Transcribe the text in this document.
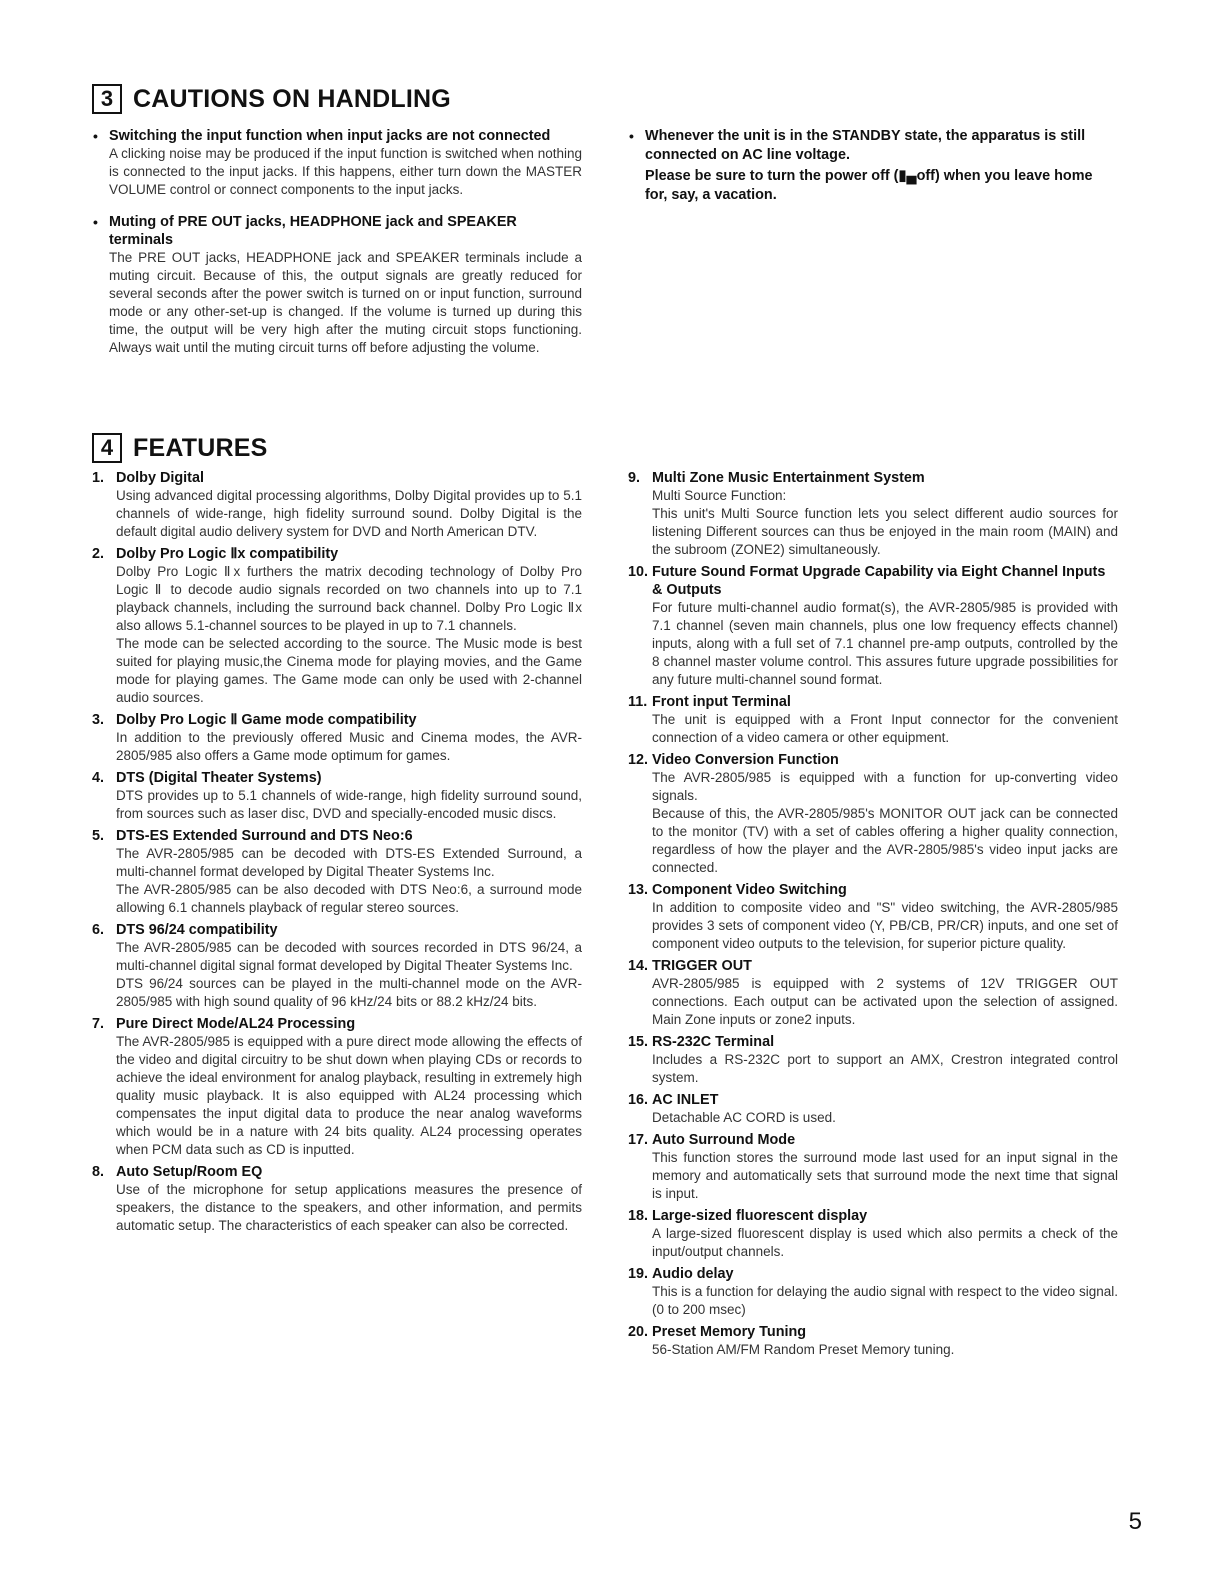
3 CAUTIONS ON HANDLING
• Switching the input function when input jacks are not connected
A clicking noise may be produced if the input function is switched when nothing is connected to the input jacks. If this happens, either turn down the MASTER VOLUME control or connect components to the input jacks.
• Muting of PRE OUT jacks, HEADPHONE jack and SPEAKER terminals
The PRE OUT jacks, HEADPHONE jack and SPEAKER terminals include a muting circuit. Because of this, the output signals are greatly reduced for several seconds after the power switch is turned on or input function, surround mode or any other-set-up is changed. If the volume is turned up during this time, the output will be very high after the muting circuit stops functioning. Always wait until the muting circuit turns off before adjusting the volume.
• Whenever the unit is in the STANDBY state, the apparatus is still connected on AC line voltage.

Please be sure to turn the power off (▮▄off) when you leave home for, say, a vacation.

4 FEATURES
1. Dolby Digital

Using advanced digital processing algorithms, Dolby Digital provides up to 5.1 channels of wide-range, high fidelity surround sound. Dolby Digital is the default digital audio delivery system for DVD and North American DTV.

2. Dolby Pro Logic Ⅱx compatibility

Dolby Pro Logic Ⅱx furthers the matrix decoding technology of Dolby Pro Logic Ⅱ to decode audio signals recorded on two channels into up to 7.1 playback channels, including the surround back channel. Dolby Pro Logic Ⅱx also allows 5.1-channel sources to be played in up to 7.1 channels.

The mode can be selected according to the source. The Music mode is best suited for playing music,the Cinema mode for playing movies, and the Game mode for playing games. The Game mode can only be used with 2-channel audio sources.

3. Dolby Pro Logic Ⅱ Game mode compatibility

In addition to the previously offered Music and Cinema modes, the AVR-2805/985 also offers a Game mode optimum for games.

4. DTS (Digital Theater Systems)

DTS provides up to 5.1 channels of wide-range, high fidelity surround sound, from sources such as laser disc, DVD and specially-encoded music discs.

5. DTS-ES Extended Surround and DTS Neo:6

The AVR-2805/985 can be decoded with DTS-ES Extended Surround, a multi-channel format developed by Digital Theater Systems Inc.

The AVR-2805/985 can be also decoded with DTS Neo:6, a surround mode allowing 6.1 channels playback of regular stereo sources.

6. DTS 96/24 compatibility

The AVR-2805/985 can be decoded with sources recorded in DTS 96/24, a multi-channel digital signal format developed by Digital Theater Systems Inc.

DTS 96/24 sources can be played in the multi-channel mode on the AVR-2805/985 with high sound quality of 96 kHz/24 bits or 88.2 kHz/24 bits.

7. Pure Direct Mode/AL24 Processing

The AVR-2805/985 is equipped with a pure direct mode allowing the effects of the video and digital circuitry to be shut down when playing CDs or records to achieve the ideal environment for analog playback, resulting in extremely high quality music playback. It is also equipped with AL24 processing which compensates the input digital data to produce the near analog waveforms which would be in a nature with 24 bits quality. AL24 processing operates when PCM data such as CD is inputted.

8. Auto Setup/Room EQ

Use of the microphone for setup applications measures the presence of speakers, the distance to the speakers, and other information, and permits automatic setup. The characteristics of each speaker can also be corrected.

9. Multi Zone Music Entertainment System

Multi Source Function:

This unit's Multi Source function lets you select different audio sources for listening Different sources can thus be enjoyed in the main room (MAIN) and the subroom (ZONE2) simultaneously.

10. Future Sound Format Upgrade Capability via Eight Channel Inputs & Outputs

For future multi-channel audio format(s), the AVR-2805/985 is provided with 7.1 channel (seven main channels, plus one low frequency effects channel) inputs, along with a full set of 7.1 channel pre-amp outputs, controlled by the 8 channel master volume control. This assures future upgrade possibilities for any future multi-channel sound format.

11. Front input Terminal

The unit is equipped with a Front Input connector for the convenient connection of a video camera or other equipment.

12. Video Conversion Function

The AVR-2805/985 is equipped with a function for up-converting video signals.

Because of this, the AVR-2805/985's MONITOR OUT jack can be connected to the monitor (TV) with a set of cables offering a higher quality connection, regardless of how the player and the AVR-2805/985's video input jacks are connected.

13. Component Video Switching

In addition to composite video and "S" video switching, the AVR-2805/985 provides 3 sets of component video (Y, PB/CB, PR/CR) inputs, and one set of component video outputs to the television, for superior picture quality.

14. TRIGGER OUT

AVR-2805/985 is equipped with 2 systems of 12V TRIGGER OUT connections. Each output can be activated upon the selection of assigned. Main Zone inputs or zone2 inputs.

15. RS-232C Terminal

Includes a RS-232C port to support an AMX, Crestron integrated control system.

16. AC INLET

Detachable AC CORD is used.

17. Auto Surround Mode

This function stores the surround mode last used for an input signal in the memory and automatically sets that surround mode the next time that signal is input.

18. Large-sized fluorescent display

A large-sized fluorescent display is used which also permits a check of the input/output channels.

19. Audio delay

This is a function for delaying the audio signal with respect to the video signal. (0 to 200 msec)

20. Preset Memory Tuning

56-Station AM/FM Random Preset Memory tuning.

5
